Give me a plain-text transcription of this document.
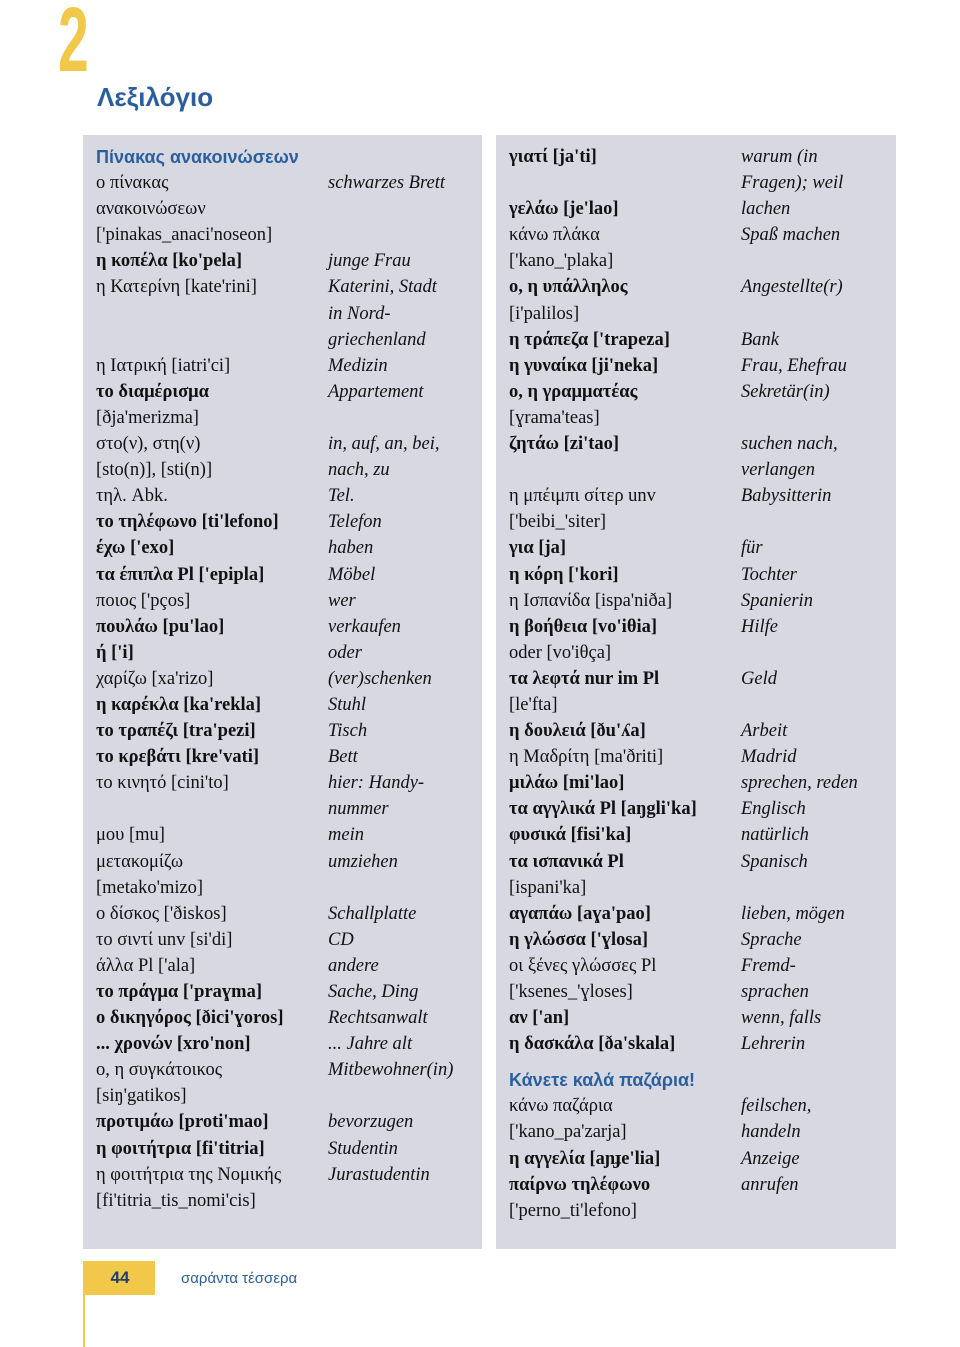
2
Λεξιλόγιο
Πίνακας ανακοινώσεων
ο πίνακας	schwarzes Brett
ανακοινώσεων
['pinakas_anaci'noseon]
η κοπέλα [ko'pela]	junge Frau
η Κατερίνη [kate'rini]	Katerini, Stadt
in Nord-
griechenland
η Ιατρική [iatri'ci]	Medizin
το διαμέρισμα	Appartement
[ðja'merizma]
στο(ν), στη(ν)	in, auf, an, bei,
[sto(n)], [sti(n)]	nach, zu
τηλ. Abk.	Tel.
το τηλέφωνο [ti'lefono]	Telefon
έχω ['exo]	haben
τα έπιπλα Pl ['epipla]	Möbel
ποιος ['pços]	wer
πουλάω [pu'lao]	verkaufen
ή ['i]	oder
χαρίζω [xa'rizo]	(ver)schenken
η καρέκλα [ka'rekla]	Stuhl
το τραπέζι [tra'pezi]	Tisch
το κρεβάτι [kre'vati]	Bett
το κινητό [cini'to]	hier: Handy-
nummer
μου [mu]	mein
μετακομίζω	umziehen
[metako'mizo]
ο δίσκος ['ðiskos]	Schallplatte
το σιντί unv [si'di]	CD
άλλα Pl ['ala]	andere
το πράγμα ['praɣma]	Sache, Ding
ο δικηγόρος [ðici'ɣoros]	Rechtsanwalt
... χρονών [xro'non]	... Jahre alt
ο, η συγκάτοικος	Mitbewohner(in)
[siŋ'gatikos]
προτιμάω [proti'mao]	bevorzugen
η φοιτήτρια [fi'titria]	Studentin
η φοιτήτρια της Νομικής	Jurastudentin
[fi'titria_tis_nomi'cis]
γιατί [ja'ti]	warum (in
Fragen); weil
γελάω [je'lao]	lachen
κάνω πλάκα	Spaß machen
['kano_'plaka]
ο, η υπάλληλος	Angestellte(r)
[i'palilos]
η τράπεζα ['trapeza]	Bank
η γυναίκα [ji'neka]	Frau, Ehefrau
ο, η γραμματέας	Sekretär(in)
[ɣrama'teas]
ζητάω [zi'tao]	suchen nach,
verlangen
η μπέιμπι σίτερ unv	Babysitterin
['beibi_'siter]
για [ja]	für
η κόρη ['kori]	Tochter
η Ισπανίδα [ispa'niða]	Spanierin
η βοήθεια [vo'iθia]	Hilfe
oder [vo'iθça]
τα λεφτά nur im Pl	Geld
[le'fta]
η δουλειά [ðu'ʎa]	Arbeit
η Μαδρίτη [ma'ðriti]	Madrid
μιλάω [mi'lao]	sprechen, reden
τα αγγλικά Pl [aŋgli'ka]	Englisch
φυσικά [fisi'ka]	natürlich
τα ισπανικά Pl	Spanisch
[ispani'ka]
αγαπάω [aɣa'pao]	lieben, mögen
η γλώσσα ['ɣlosa]	Sprache
οι ξένες γλώσσες Pl	Fremd-
['ksenes_'ɣloses]	sprachen
αν ['an]	wenn, falls
η δασκάλα [ða'skala]	Lehrerin
Κάνετε καλά παζάρια!
κάνω παζάρια	feilschen,
['kano_pa'zarja]	handeln
η αγγελία [aɲɟe'lia]	Anzeige
παίρνω τηλέφωνο	anrufen
['perno_ti'lefono]
44	σαράντα τέσσερα
